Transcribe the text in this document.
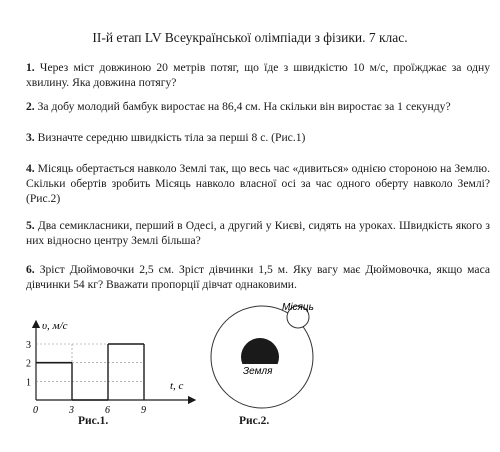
II-й етап LV Всеукраїнської олімпіади з фізики. 7 клас.
1. Через міст довжиною 20 метрів потяг, що їде з швидкістю 10 м/с, проїжджає за одну хвилину. Яка довжина потягу?
2. За добу молодий бамбук виростає на 86,4 см. На скільки він виростає за 1 секунду?
3. Визначте середню швидкість тіла за перші 8 с. (Рис.1)
4. Місяць обертається навколо Землі так, що весь час «дивиться» однією стороною на Землю. Скільки обертів зробить Місяць навколо власної осі за час одного оберту навколо Землі? (Рис.2)
5. Два семикласники, перший в Одесі, а другий у Києві, сидять на уроках. Швидкість якого з них відносно центру Землі більша?
6. Зріст Дюймовочки 2,5 см. Зріст дівчинки 1,5 м. Яку вагу має Дюймовочка, якщо маса дівчинки 54 кг? Вважати пропорції дівчат однаковими.
υ, м/с
t, c
0	3	6	9
1
2
3
Рис.1.
Місяць
Земля
Рис.2.
